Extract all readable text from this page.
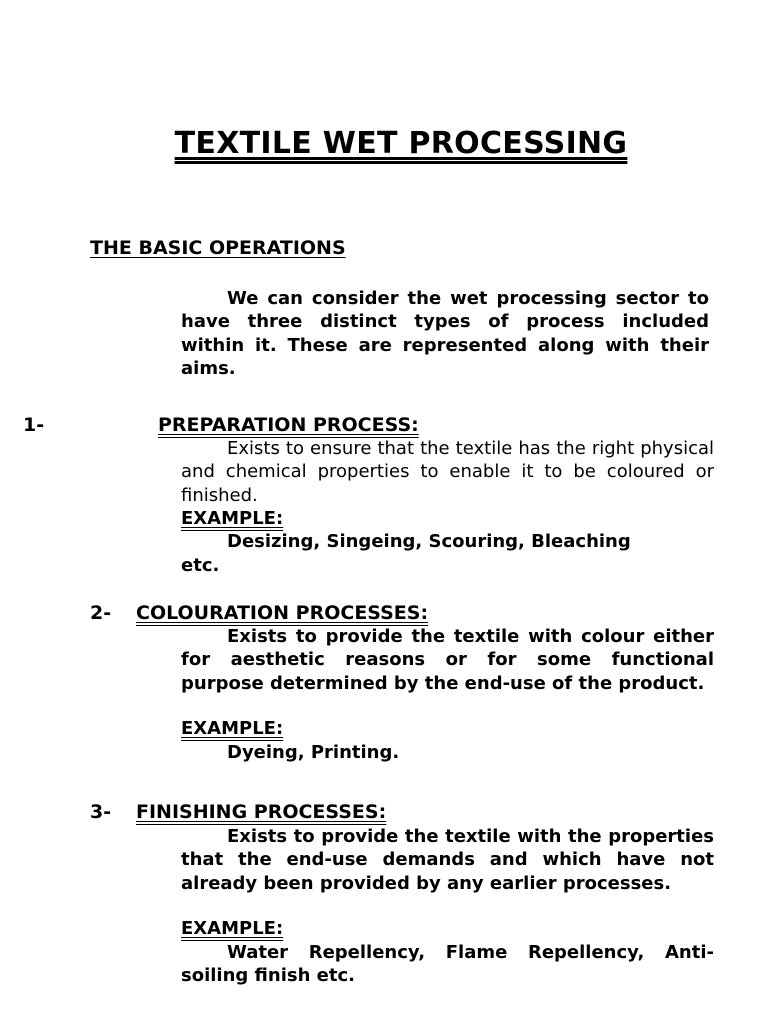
TEXTILE WET PROCESSING
THE BASIC OPERATIONS

We can consider the wet processing sector to have three distinct types of process included within it. These are represented along with their aims.

1-	PREPARATION PROCESS:

Exists to ensure that the textile has the right physical and chemical properties to enable it to be coloured or finished.

EXAMPLE:
Desizing, Singeing, Scouring, Bleaching
etc.
2- COLOURATION PROCESSES:

Exists to provide the textile with colour either for aesthetic reasons or for some functional purpose determined by the end-use of the product.

EXAMPLE:
Dyeing, Printing.
3- FINISHING PROCESSES:

Exists to provide the textile with the properties that the end-use demands and which have not already been provided by any earlier processes.

EXAMPLE:

Water Repellency, Flame Repellency, Anti-soiling finish etc.
